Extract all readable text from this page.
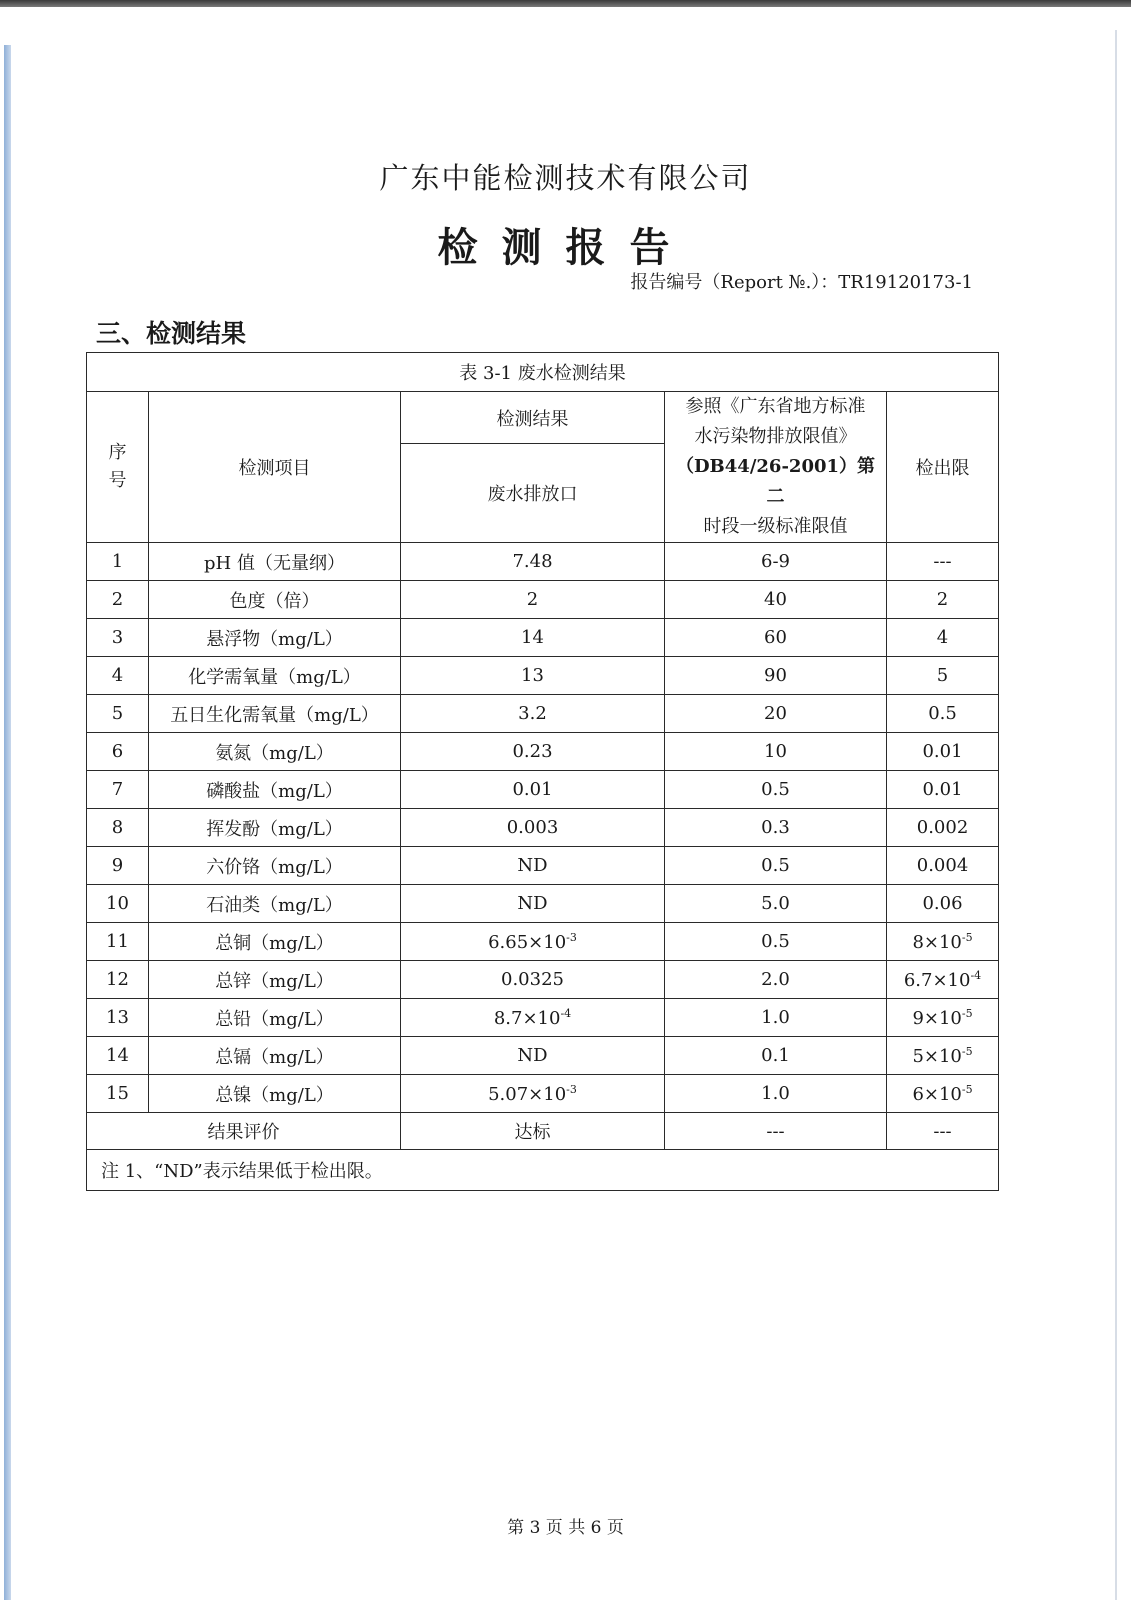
广东中能检测技术有限公司
检测报告
报告编号（Report №.）：TR19120173-1
三、检测结果
表 3-1 废水检测结果				
序号	检测项目	检测结果	参照《广东省地方标准
水污染物排放限值》
（DB44/26-2001）第二
时段一级标准限值	检出限
		废水排放口		
1	pH 值（无量纲）	7.48	6-9	---
2	色度（倍）	2	40	2
3	悬浮物（mg/L）	14	60	4
4	化学需氧量（mg/L）	13	90	5
5	五日生化需氧量（mg/L）	3.2	20	0.5
6	氨氮（mg/L）	0.23	10	0.01
7	磷酸盐（mg/L）	0.01	0.5	0.01
8	挥发酚（mg/L）	0.003	0.3	0.002
9	六价铬（mg/L）	ND	0.5	0.004
10	石油类（mg/L）	ND	5.0	0.06
11	总铜（mg/L）	$6.65\times 10^{-3}$	0.5	$8\times 10^{-5}$
12	总锌（mg/L）	0.0325	2.0	$6.7\times 10^{-4}$
13	总铅（mg/L）	$8.7\times 10^{-4}$	1.0	$9\times 10^{-5}$
14	总镉（mg/L）	ND	0.1	$5\times 10^{-5}$
15	总镍（mg/L）	$5.07\times 10^{-3}$	1.0	$6\times 10^{-5}$
结果评价		达标	---	---
注 1、“ND”表示结果低于检出限。				
第 3 页 共 6 页
